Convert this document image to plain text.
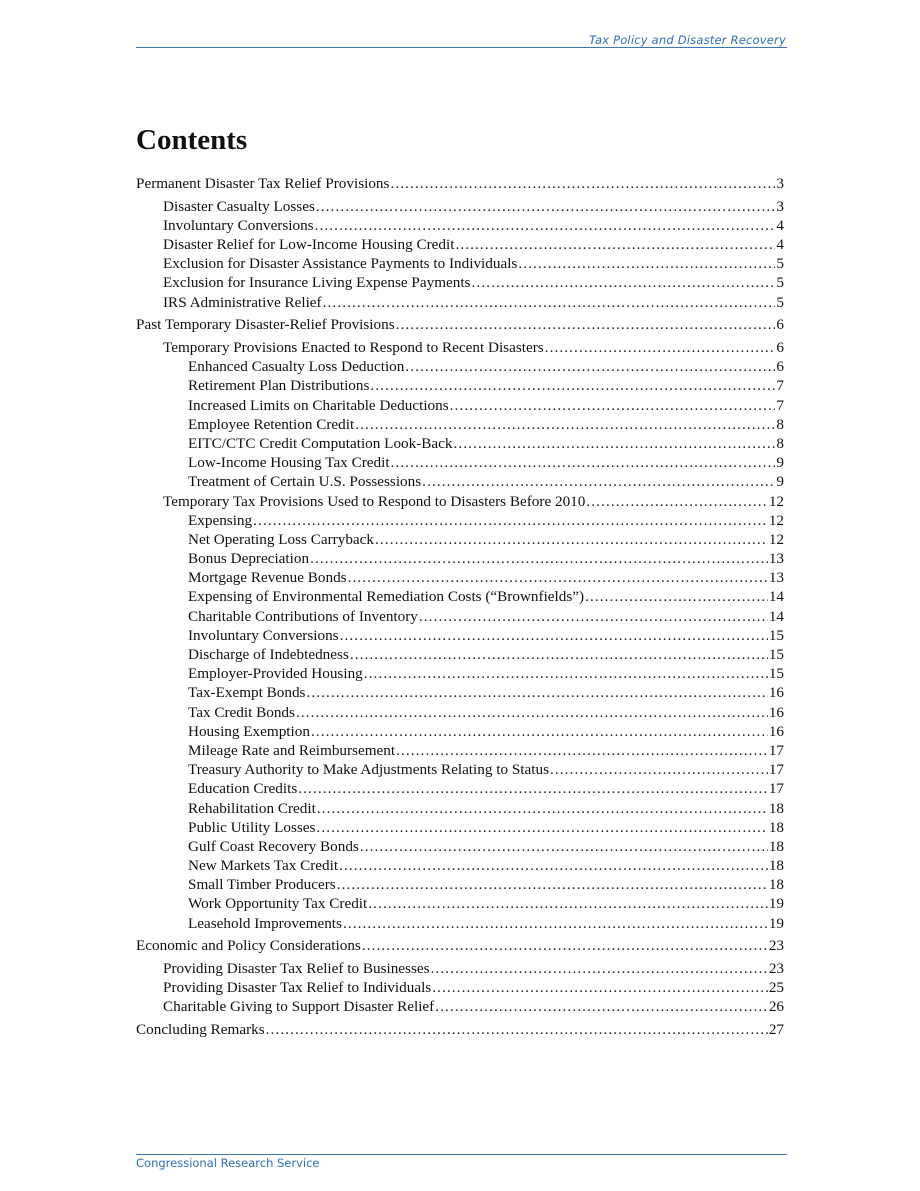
Tax Policy and Disaster Recovery
Contents
Permanent Disaster Tax Relief Provisions .....	3
Disaster Casualty Losses .....	3
Involuntary Conversions .....	4
Disaster Relief for Low-Income Housing Credit .....	4
Exclusion for Disaster Assistance Payments to Individuals .....	5
Exclusion for Insurance Living Expense Payments .....	5
IRS Administrative Relief .....	5
Past Temporary Disaster-Relief Provisions .....	6
Temporary Provisions Enacted to Respond to Recent Disasters .....	6
Enhanced Casualty Loss Deduction .....	6
Retirement Plan Distributions .....	7
Increased Limits on Charitable Deductions .....	7
Employee Retention Credit .....	8
EITC/CTC Credit Computation Look-Back .....	8
Low-Income Housing Tax Credit .....	9
Treatment of Certain U.S. Possessions .....	9
Temporary Tax Provisions Used to Respond to Disasters Before 2010 .....	12
Expensing .....	12
Net Operating Loss Carryback .....	12
Bonus Depreciation .....	13
Mortgage Revenue Bonds .....	13
Expensing of Environmental Remediation Costs (“Brownfields”) .....	14
Charitable Contributions of Inventory .....	14
Involuntary Conversions .....	15
Discharge of Indebtedness .....	15
Employer-Provided Housing .....	15
Tax-Exempt Bonds .....	16
Tax Credit Bonds .....	16
Housing Exemption .....	16
Mileage Rate and Reimbursement .....	17
Treasury Authority to Make Adjustments Relating to Status .....	17
Education Credits .....	17
Rehabilitation Credit .....	18
Public Utility Losses .....	18
Gulf Coast Recovery Bonds .....	18
New Markets Tax Credit .....	18
Small Timber Producers .....	18
Work Opportunity Tax Credit .....	19
Leasehold Improvements .....	19
Economic and Policy Considerations .....	23
Providing Disaster Tax Relief to Businesses .....	23
Providing Disaster Tax Relief to Individuals .....	25
Charitable Giving to Support Disaster Relief .....	26
Concluding Remarks .....	27
Congressional Research Service
